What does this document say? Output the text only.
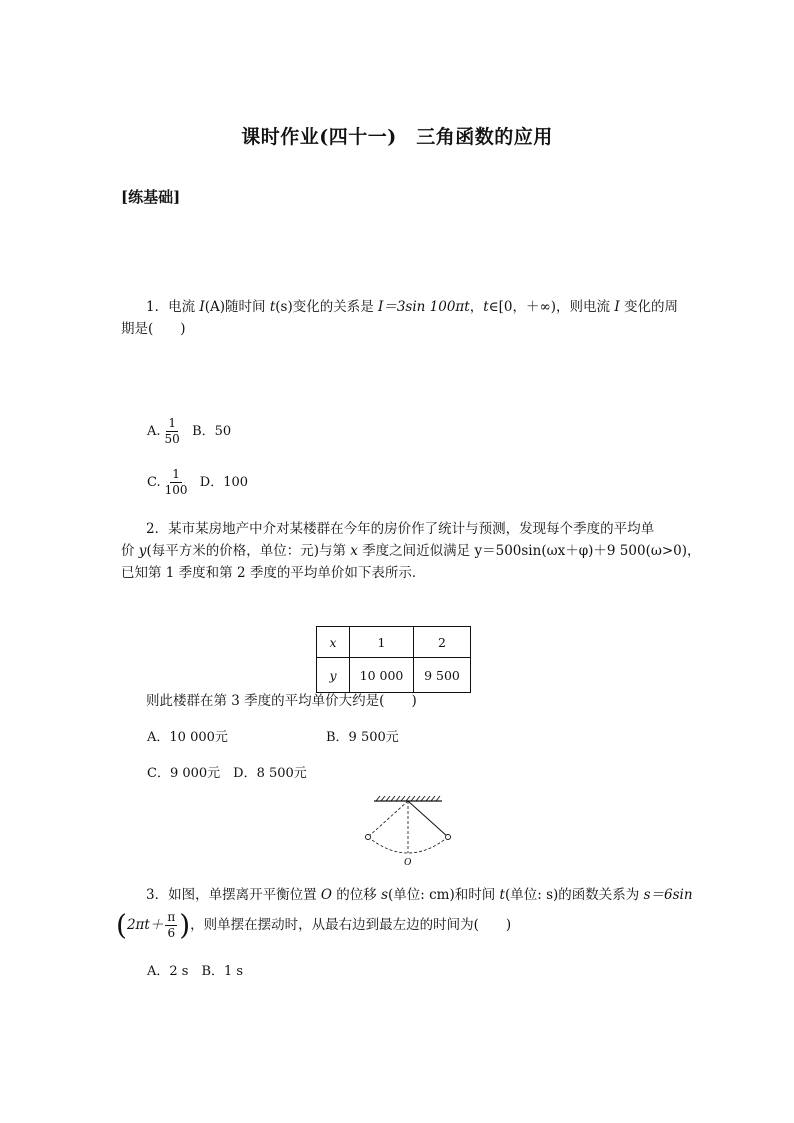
课时作业(四十一)　三角函数的应用
[练基础]
1．电流 I(A)随时间 t(s)变化的关系是 I＝3sin 100πt，t∈[0，＋∞)，则电流 I 变化的周
期是(　　)
A. $\frac{1}{50}$ B．50
C. $\frac{1}{100}$ D．100
2．某市某房地产中介对某楼群在今年的房价作了统计与预测，发现每个季度的平均单
价 y(每平方米的价格，单位：元)与第 x 季度之间近似满足 y＝500sin(ωx＋φ)＋9 500(ω>0)，
已知第 1 季度和第 2 季度的平均单价如下表所示．
x	1	2
y	10 000	9 500
则此楼群在第 3 季度的平均单价大约是(　　)
A．10 000元	B．9 500元
C．9 000元　D．8 500元
O
3．如图，单摆离开平衡位置 O 的位移 s(单位: cm)和时间 t(单位: s)的函数关系为 s＝6sin
($2\pi t+ \frac{\pi}{6}$ )，则单摆在摆动时，从最右边到最左边的时间为(　　)
A．2 s　B．1 s
